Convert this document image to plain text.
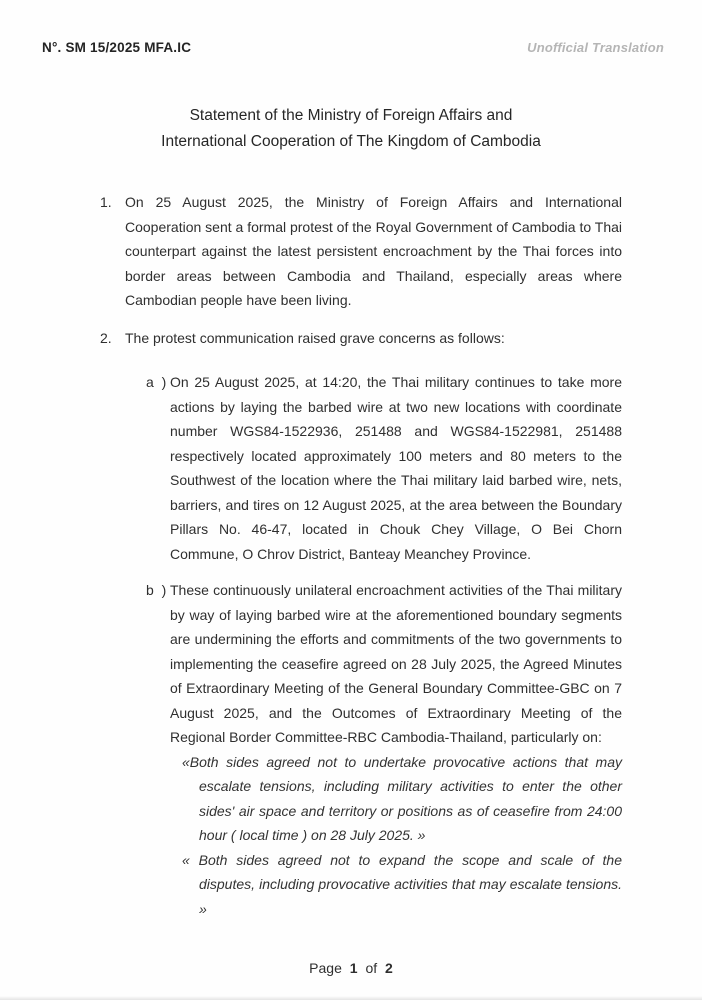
N°. SM 15/2025 MFA.IC	Unofficial Translation
Statement of the Ministry of Foreign Affairs and
International Cooperation of The Kingdom of Cambodia
1. On 25 August 2025, the Ministry of Foreign Affairs and International Cooperation sent a formal protest of the Royal Government of Cambodia to Thai counterpart against the latest persistent encroachment by the Thai forces into border areas between Cambodia and Thailand, especially areas where Cambodian people have been living.
2. The protest communication raised grave concerns as follows:
a ) On 25 August 2025, at 14:20, the Thai military continues to take more actions by laying the barbed wire at two new locations with coordinate number WGS84-1522936, 251488 and WGS84-1522981, 251488 respectively located approximately 100 meters and 80 meters to the Southwest of the location where the Thai military laid barbed wire, nets, barriers, and tires on 12 August 2025, at the area between the Boundary Pillars No. 46-47, located in Chouk Chey Village, O Bei Chorn Commune, O Chrov District, Banteay Meanchey Province.
b ) These continuously unilateral encroachment activities of the Thai military by way of laying barbed wire at the aforementioned boundary segments are undermining the efforts and commitments of the two governments to implementing the ceasefire agreed on 28 July 2025, the Agreed Minutes of Extraordinary Meeting of the General Boundary Committee-GBC on 7 August 2025, and the Outcomes of Extraordinary Meeting of the Regional Border Committee-RBC Cambodia-Thailand, particularly on:
«Both sides agreed not to undertake provocative actions that may escalate tensions, including military activities to enter the other sides' air space and territory or positions as of ceasefire from 24:00 hour ( local time ) on 28 July 2025. »
« Both sides agreed not to expand the scope and scale of the disputes, including provocative activities that may escalate tensions. »
Page 1 of 2
